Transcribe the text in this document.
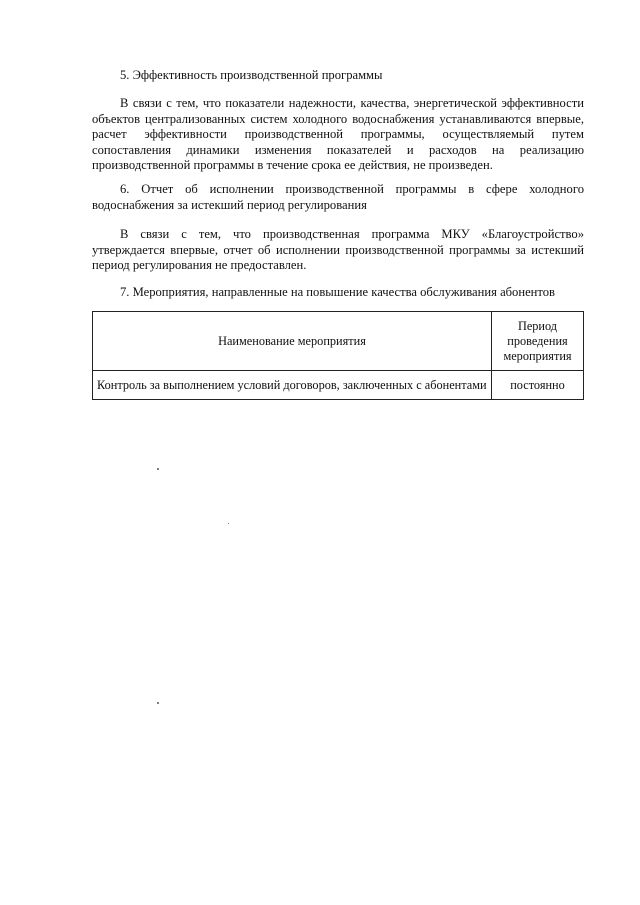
5. Эффективность производственной программы

В связи с тем, что показатели надежности, качества, энергетической эффективности объектов централизованных систем холодного водоснабжения устанавливаются впервые, расчет эффективности производственной программы, осуществляемый путем сопоставления динамики изменения показателей и расходов на реализацию производственной программы в течение срока ее действия, не произведен.

6. Отчет об исполнении производственной программы в сфере холодного водоснабжения за истекший период регулирования

В связи с тем, что производственная программа МКУ «Благоустройство» утверждается впервые, отчет об исполнении производственной программы за истекший период регулирования не предоставлен.

7. Мероприятия, направленные на повышение качества обслуживания абонентов

Наименование мероприятия	Период проведения мероприятия
Контроль за выполнением условий договоров, заключенных с абонентами	постоянно
